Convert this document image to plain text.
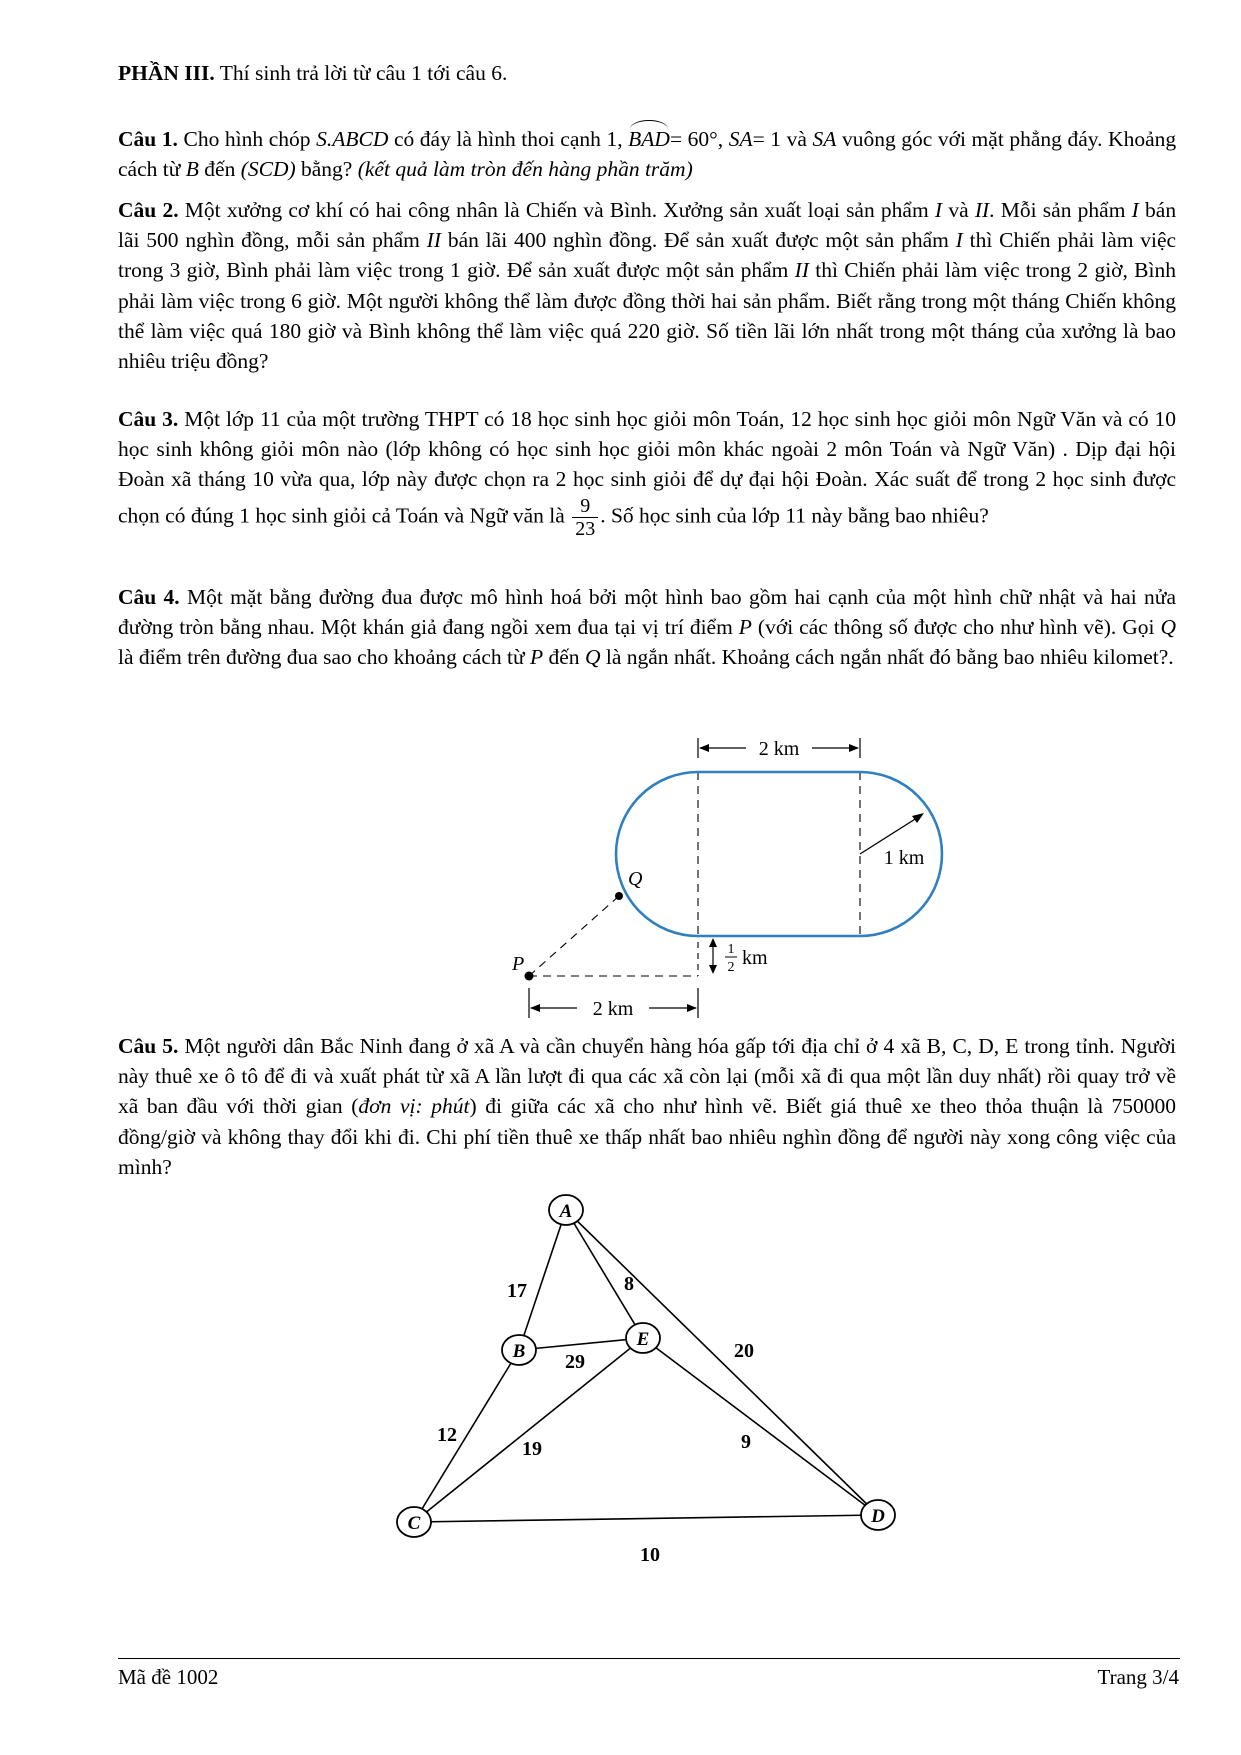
PHẦN III. Thí sinh trả lời từ câu 1 tới câu 6.

Câu 1. Cho hình chóp S.ABCD có đáy là hình thoi cạnh 1, BAD= 60°, SA= 1 và SA vuông góc với mặt phẳng đáy. Khoảng cách từ B đến (SCD) bằng? (kết quả làm tròn đến hàng phần trăm)

Câu 2. Một xưởng cơ khí có hai công nhân là Chiến và Bình. Xưởng sản xuất loại sản phẩm I và II. Mỗi sản phẩm I bán lãi 500 nghìn đồng, mỗi sản phẩm II bán lãi 400 nghìn đồng. Để sản xuất được một sản phẩm I thì Chiến phải làm việc trong 3 giờ, Bình phải làm việc trong 1 giờ. Để sản xuất được một sản phẩm II thì Chiến phải làm việc trong 2 giờ, Bình phải làm việc trong 6 giờ. Một người không thể làm được đồng thời hai sản phẩm. Biết rằng trong một tháng Chiến không thể làm việc quá 180 giờ và Bình không thể làm việc quá 220 giờ. Số tiền lãi lớn nhất trong một tháng của xưởng là bao nhiêu triệu đồng?

Câu 3. Một lớp 11 của một trường THPT có 18 học sinh học giỏi môn Toán, 12 học sinh học giỏi môn Ngữ Văn và có 10 học sinh không giỏi môn nào (lớp không có học sinh học giỏi môn khác ngoài 2 môn Toán và Ngữ Văn) . Dịp đại hội Đoàn xã tháng 10 vừa qua, lớp này được chọn ra 2 học sinh giỏi để dự đại hội Đoàn. Xác suất để trong 2 học sinh được chọn có đúng 1 học sinh giỏi cả Toán và Ngữ văn là $\frac{9}{23}$ . Số học sinh của lớp 11 này bằng bao nhiêu?

Câu 4. Một mặt bằng đường đua được mô hình hoá bởi một hình bao gồm hai cạnh của một hình chữ nhật và hai nửa đường tròn bằng nhau. Một khán giả đang ngồi xem đua tại vị trí điểm P (với các thông số được cho như hình vẽ). Gọi Q là điểm trên đường đua sao cho khoảng cách từ P đến Q là ngắn nhất. Khoảng cách ngắn nhất đó bằng bao nhiêu kilomet?.

2 km
1 km
Q
P
1
2 km
2 km

Câu 5. Một người dân Bắc Ninh đang ở xã A và cần chuyển hàng hóa gấp tới địa chỉ ở 4 xã B, C, D, E trong tỉnh. Người này thuê xe ô tô để đi và xuất phát từ xã A lần lượt đi qua các xã còn lại (mỗi xã đi qua một lần duy nhất) rồi quay trở về xã ban đầu với thời gian (đơn vị: phút) đi giữa các xã cho như hình vẽ. Biết giá thuê xe theo thỏa thuận là 750000 đồng/giờ và không thay đổi khi đi. Chi phí tiền thuê xe thấp nhất bao nhiêu nghìn đồng để người này xong công việc của mình?

A
B
C	D
E
17	8
20
29
12
19	9
10
Mã đề 1002	Trang 3/4
